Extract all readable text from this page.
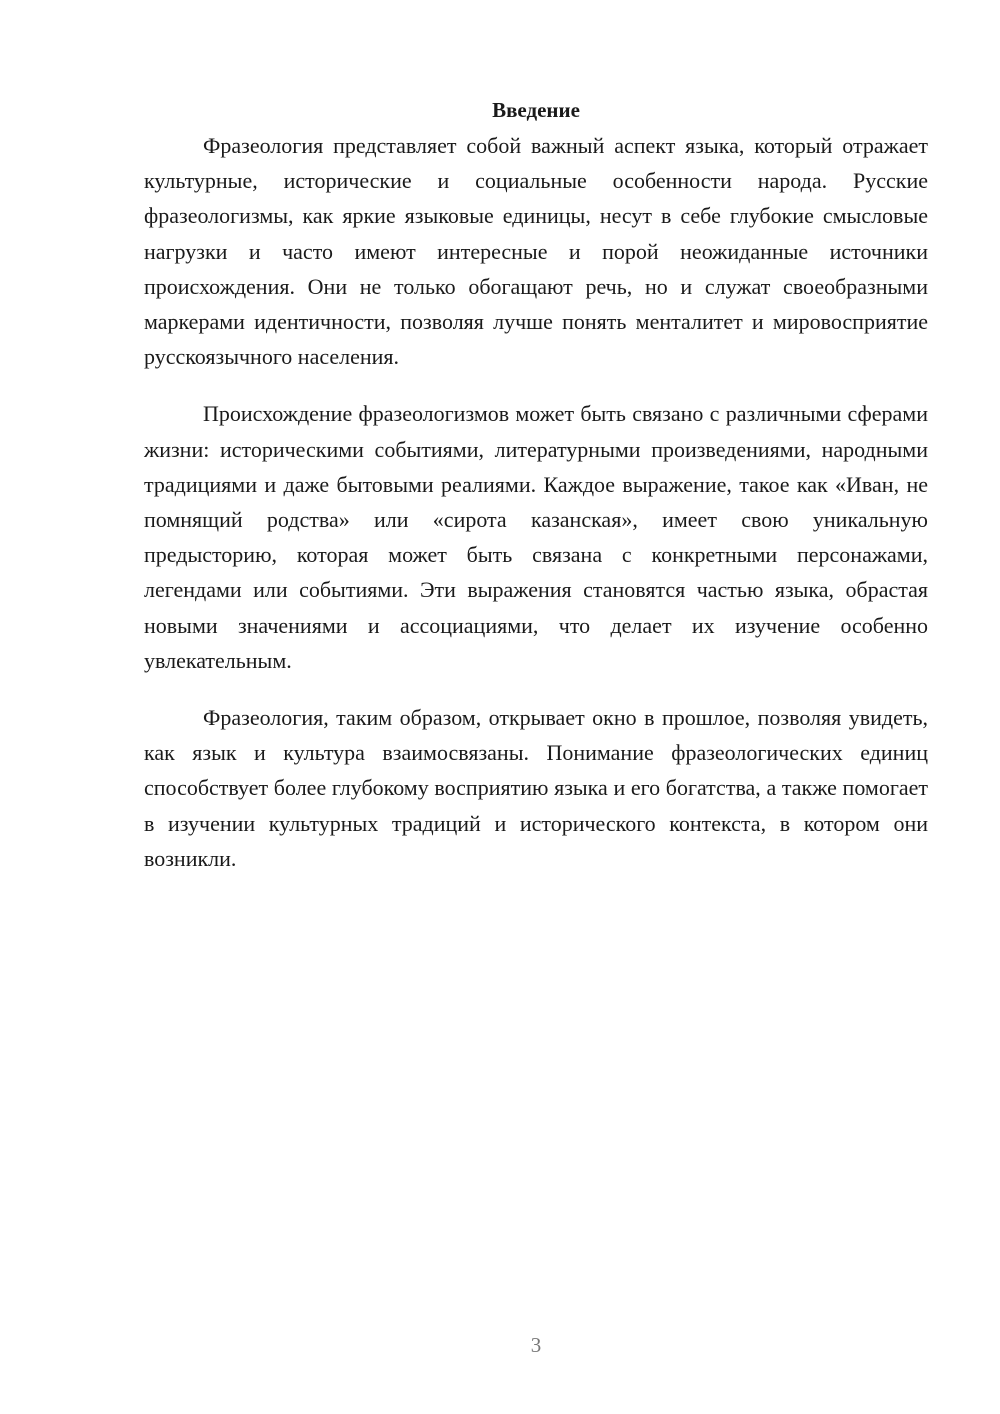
Введение

Фразеология представляет собой важный аспект языка, который отражает культурные, исторические и социальные особенности народа. Русские фразеологизмы, как яркие языковые единицы, несут в себе глубокие смысловые нагрузки и часто имеют интересные и порой неожиданные источники происхождения. Они не только обогащают речь, но и служат своеобразными маркерами идентичности, позволяя лучше понять менталитет и мировосприятие русскоязычного населения.

Происхождение фразеологизмов может быть связано с различными сферами жизни: историческими событиями, литературными произведениями, народными традициями и даже бытовыми реалиями. Каждое выражение, такое как «Иван, не помнящий родства» или «сирота казанская», имеет свою уникальную предысторию, которая может быть связана с конкретными персонажами, легендами или событиями. Эти выражения становятся частью языка, обрастая новыми значениями и ассоциациями, что делает их изучение особенно увлекательным.

Фразеология, таким образом, открывает окно в прошлое, позволяя увидеть, как язык и культура взаимосвязаны. Понимание фразеологических единиц способствует более глубокому восприятию языка и его богатства, а также помогает в изучении культурных традиций и исторического контекста, в котором они возникли.

3
